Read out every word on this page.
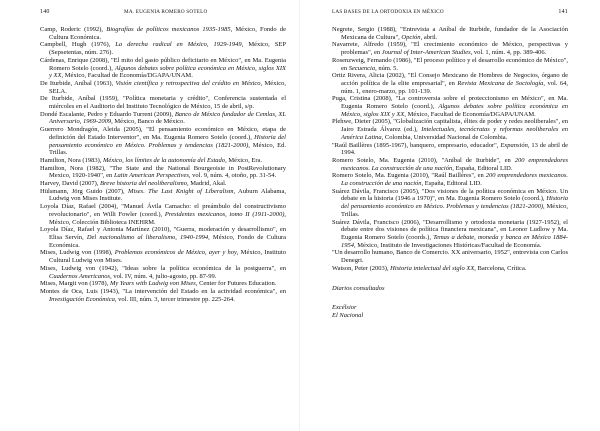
140	MA. EUGENIA ROMERO SOTELO

Camp, Roderic (1992), Biografías de políticos mexicanos 1935-1985, México, Fondo de Cultura Económica.

Campbell, Hugh (1976), La derecha radical en México, 1929-1949, México, SEP (Sepsetentas, núm. 276).

Cárdenas, Enrique (2008), "El mito del gasto público deficitario en México", en Ma. Eugenia Romero Sotelo (coord.), Algunos debates sobre política económica en México, siglos XIX y XX, México, Facultad de Economía/DGAPA/UNAM.

De Iturbide, Aníbal (1963), Visión científica y retrospectiva del crédito en México, México, SELA.

De Iturbide, Aníbal (1959), "Política monetaria y crédito", Conferencia sustentada el miércoles en el Auditorio del Instituto Tecnológico de México, 15 de abril, s/p.

Dondé Escalante, Pedro y Eduardo Turrent (2009), Banco de México fundador de Cemlas, XL Aniversario, 1969-2009, México, Banco de México.

Guerrero Mondragón, Aleida (2005), "El pensamiento económico en México, etapa de definición del Estado Interventor", en Ma. Eugenia Romero Sotelo (coord.), Historia del pensamiento económico en México. Problemas y tendencias (1821-2000), México, Ed. Trillas.

Hamilton, Nora (1983), México, los límites de la autonomía del Estado, México, Era.

Hamilton, Nora (1982), "The State and the National Bourgeoisie in PostRevolutionary Mexico, 1920-1940", en Latin American Perspectives, vol. 9, núm. 4, otoño, pp. 31-54.

Harvey, David (2007), Breve historia del neoliberalismo, Madrid, Akal.

Hülsmann, Jörg Guido (2007), Mises. The Last Knight of Liberalism, Auburn Alabama, Ludwig von Mises Institute.

Loyola Díaz, Rafael (2004), "Manuel Ávila Camacho: el preámbulo del constructivismo revolucionario", en Willi Fowler (coord.), Presidentes mexicanos, tomo II (1911-2000), México, Colección Biblioteca INEHRM.

Loyola Díaz, Rafael y Antonia Martínez (2010), "Guerra, moderación y desarrollismo", en Elisa Servín, Del nacionalismo al liberalismo, 1940-1994, México, Fondo de Cultura Económica.

Mises, Ludwig von (1998), Problemas económicos de México, ayer y hoy, México, Instituto Cultural Ludwig von Mises.

Mises, Ludwig von (1942), "Ideas sobre la política económica de la postguerra", en Cuadernos Americanos, vol. IV, núm. 4, julio-agosto, pp. 87-99.

Mises, Margit von (1978), My Years with Ludwig von Mises, Center for Futures Education.

Montes de Oca, Luis (1943), "La intervención del Estado en la actividad económica", en Investigación Económica, vol. III, núm. 3, tercer trimestre pp. 225-264.

LAS BASES DE LA ORTODOXIA EN MÉXICO	141

Negrete, Sergio (1988), "Entrevista a Aníbal de Iturbide, fundador de la Asociación Mexicana de Cultura", Opción, abril.

Navarrete, Alfredo (1959), "El crecimiento económico de México, perspectivas y problemas", en Journal of Inter-American Studies, vol. 1, núm. 4, pp. 389-406.

Rosenzweig, Fernando (1986), "El proceso político y el desarrollo económico de México", en Secuencia, núm. 5.

Ortiz Rivera, Alicia (2002), "El Consejo Mexicano de Hombres de Negocios, órgano de acción política de la elite empresarial", en Revista Mexicana de Sociología, vol. 64, núm. 1, enero-marzo, pp. 101-139.

Puga, Cristina (2008), "La controversia sobre el proteccionismo en México", en Ma. Eugenia Romero Sotelo (coord.), Algunos debates sobre política económica en México, siglos XIX y XX, México, Facultad de Economía/DGAPA/UNAM.

Plehwe, Dieter (2005), "Globalización capitalista, élites de poder y redes neoliberales", en Jairo Estrada Álvarez (ed.), Intelectuales, tecnócratas y reformas neoliberales en América Latina, Colombia, Universidad Nacional de Colombia.

"Raúl Baillères (1895-1967), banquero, empresario, educador", Expansión, 13 de abril de 1994.

Romero Sotelo, Ma. Eugenia (2010), "Aníbal de Iturbide", en 200 emprendedores mexicanos. La construcción de una nación, España, Editoral LID.

Romero Sotelo, Ma. Eugenia (2010), "Raúl Baillères", en 200 emprendedores mexicanos. La construcción de una nación, España, Editoral LID.

Suárez Dávila, Francisco (2005), "Dos visiones de la política económica en México. Un debate en la historia (1946 a 1970)", en Ma. Eugenia Romero Sotelo (coord.), Historia del pensamiento económico en México. Problemas y tendencias (1821-2000), México, Trillas.

Suárez Dávila, Francisco (2006), "Desarrollismo y ortodoxia monetaria (1927-1952), el debate entre dos visiones de política financiera mexicana", en Leonor Ludlow y Ma. Eugenia Romero Sotelo (coords.), Temas a debate, moneda y banca en México 1884-1954, México, Instituto de Investigaciones Históricas/Facultad de Economía.

"Un desarrollo humano, Banco de Comercio. XX aniversario, 1952", entrevista con Carlos Denegri.

Watson, Peter (2003), Historia intelectual del siglo XX, Barcelona, Crítica.

Diarios consultados
Excélsior
El Nacional
